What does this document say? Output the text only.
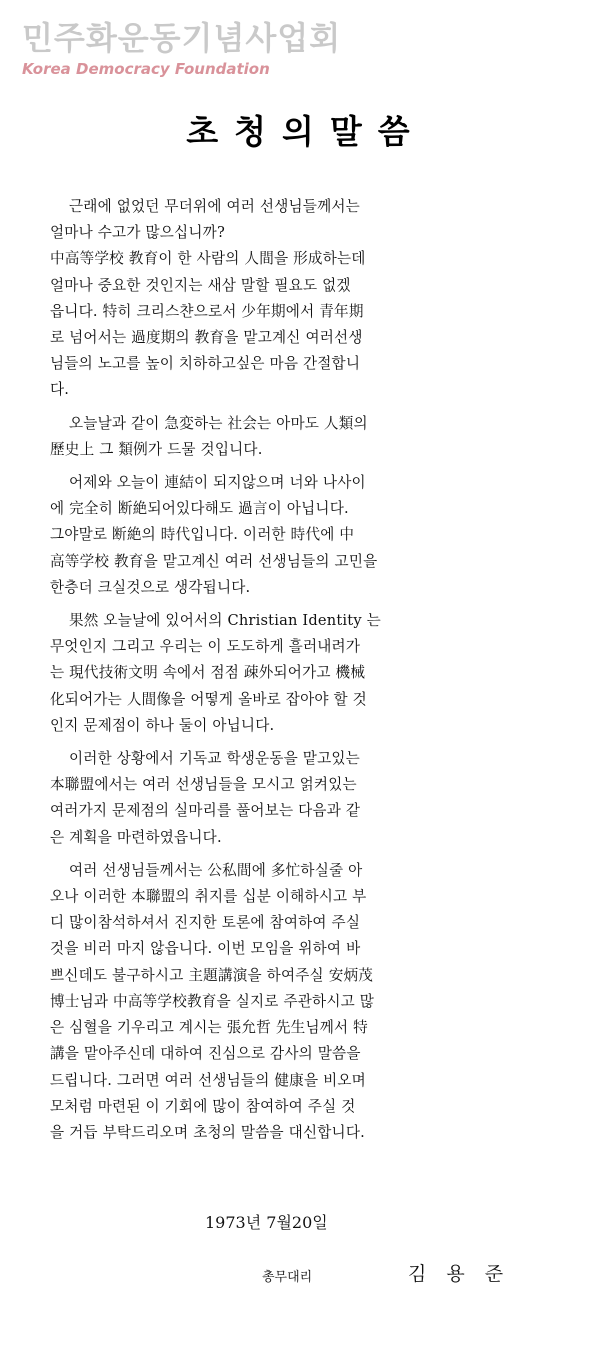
민주화운동기념사업회
Korea Democracy Foundation
초청의말씀
근래에 없었던 무더위에 여러 선생님들께서는
얼마나 수고가 많으십니까?
中高等学校 教育이 한 사람의 人間을 形成하는데
얼마나 중요한 것인지는 새삼 말할 필요도 없겠
읍니다. 特히 크리스챤으로서 少年期에서 青年期
로 넘어서는 過度期의 教育을 맡고계신 여러선생
님들의 노고를 높이 치하하고싶은 마음 간절합니
다.
오늘날과 같이 急変하는 社会는 아마도 人類의
歷史上 그 類例가 드물 것입니다.
어제와 오늘이 連結이 되지않으며 너와 나사이
에 完全히 断絶되어있다해도 過言이 아닙니다.
그야말로 断絶의 時代입니다. 이러한 時代에 中
高等学校 教育을 맡고계신 여러 선생님들의 고민을
한층더 크실것으로 생각됩니다.
果然 오늘날에 있어서의 Christian Identity 는
무엇인지 그리고 우리는 이 도도하게 흘러내려가
는 現代技術文明 속에서 점점 疎外되어가고 機械
化되어가는 人間像을 어떻게 올바로 잡아야 할 것
인지 문제점이 하나 둘이 아닙니다.
이러한 상황에서 기독교 학생운동을 맡고있는
本聯盟에서는 여러 선생님들을 모시고 얽켜있는
여러가지 문제점의 실마리를 풀어보는 다음과 같
은 계획을 마련하였읍니다.
여러 선생님들께서는 公私間에 多忙하실줄 아
오나 이러한 本聯盟의 취지를 십분 이해하시고 부
디 많이참석하셔서 진지한 토론에 참여하여 주실
것을 비러 마지 않읍니다. 이번 모임을 위하여 바
쁘신데도 불구하시고 主題講演을 하여주실 安炳茂
博士님과 中高等学校教育을 실지로 주관하시고 많
은 심혈을 기우리고 계시는 張允哲 先生님께서 特
講을 맡아주신데 대하여 진심으로 감사의 말씀을
드립니다. 그러면 여러 선생님들의 健康을 비오며
모처럼 마련된 이 기회에 많이 참여하여 주실 것
을 거듭 부탁드리오며 초청의 말씀을 대신합니다.
1973년 7월20일
총무대리	김용준
